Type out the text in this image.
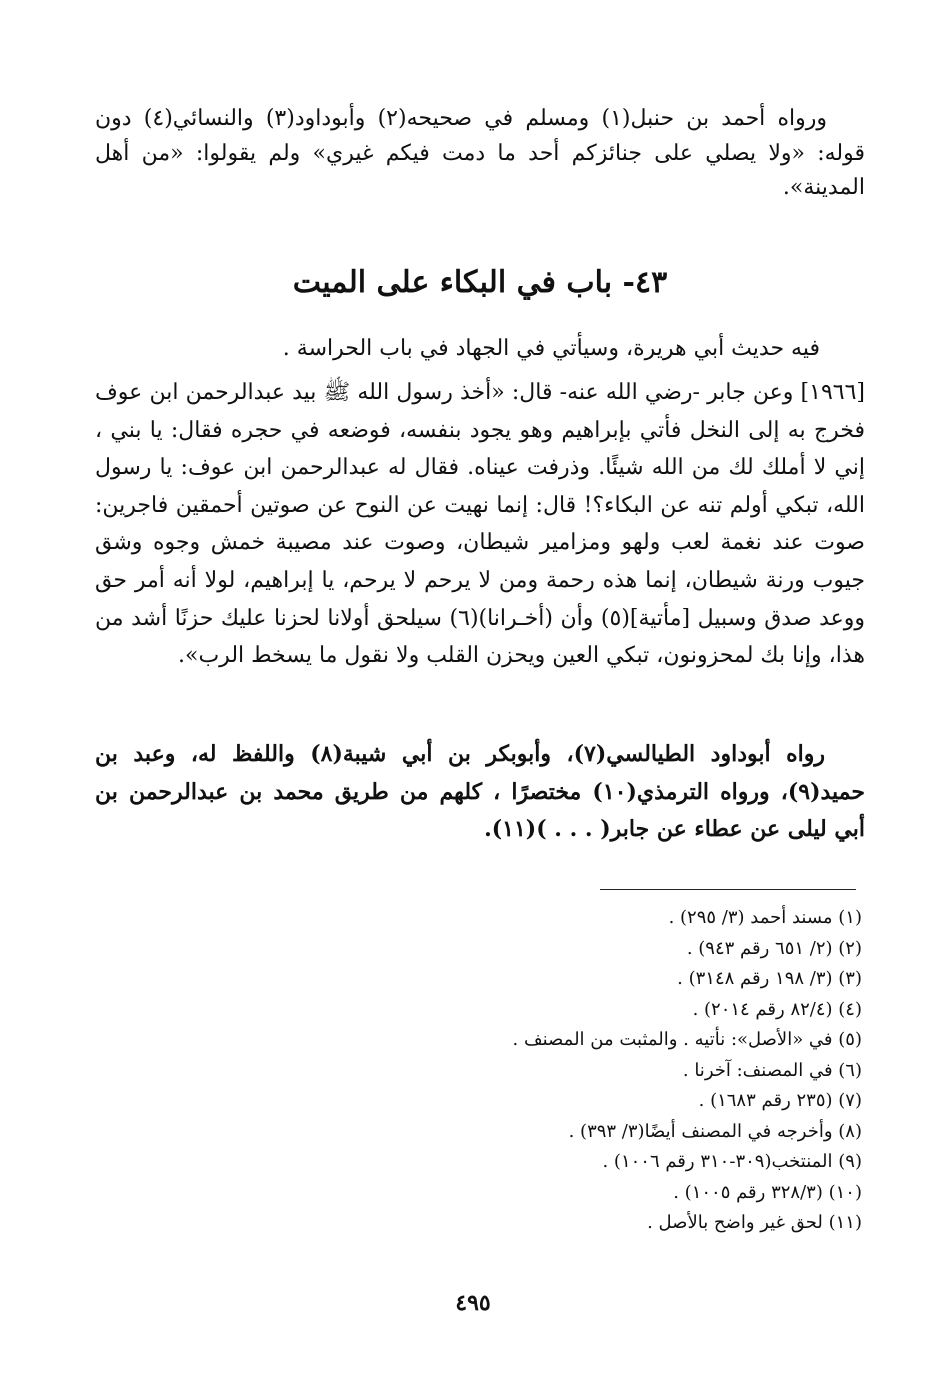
ورواه أحمد بن حنبل(١) ومسلم في صحيحه(٢) وأبوداود(٣) والنسائي(٤) دون قوله: «ولا يصلي على جنائزكم أحد ما دمت فيكم غيري» ولم يقولوا: «من أهل المدينة».

٤٣- باب في البكاء على الميت

فيه حديث أبي هريرة، وسيأتي في الجهاد في باب الحراسة .

[١٩٦٦] وعن جابر -رضي الله عنه- قال: «أخذ رسول الله ﷺ بيد عبدالرحمن ابن عوف فخرج به إلى النخل فأتي بإبراهيم وهو يجود بنفسه، فوضعه في حجره فقال: يا بني ، إني لا أملك لك من الله شيئًا. وذرفت عيناه. فقال له عبدالرحمن ابن عوف: يا رسول الله، تبكي أولم تنه عن البكاء؟! قال: إنما نهيت عن النوح عن صوتين أحمقين فاجرين: صوت عند نغمة لعب ولهو ومزامير شيطان، وصوت عند مصيبة خمش وجوه وشق جيوب ورنة شيطان، إنما هذه رحمة ومن لا يرحم لا يرحم، يا إبراهيم، لولا أنه أمر حق ووعد صدق وسبيل [مأتية](٥) وأن (أخـرانا)(٦) سيلحق أولانا لحزنا عليك حزنًا أشد من هذا، وإنا بك لمحزونون، تبكي العين ويحزن القلب ولا نقول ما يسخط الرب».

رواه أبوداود الطيالسي(٧)، وأبوبكر بن أبي شيبة(٨) واللفظ له، وعبد بن حميد(٩)، ورواه الترمذي(١٠) مختصرًا ، كلهم من طريق محمد بن عبدالرحمن بن أبي ليلى عن عطاء عن جابر( . . . )(١١).

(١) مسند أحمد (٣/ ٢٩٥) .
(٢) (٢/ ٦٥١ رقم ٩٤٣) .
(٣) (٣/ ١٩٨ رقم ٣١٤٨) .
(٤) (٨٢/٤ رقم ٢٠١٤) .
(٥) في «الأصل»: نأتيه . والمثبت من المصنف .
(٦) في المصنف: آخرنا .
(٧) (٢٣٥ رقم ١٦٨٣) .
(٨) وأخرجه في المصنف أيضًا(٣/ ٣٩٣) .
(٩) المنتخب(٣٠٩-٣١٠ رقم ١٠٠٦) .
(١٠) (٣٢٨/٣ رقم ١٠٠٥) .
(١١) لحق غير واضح بالأصل .
٤٩٥
